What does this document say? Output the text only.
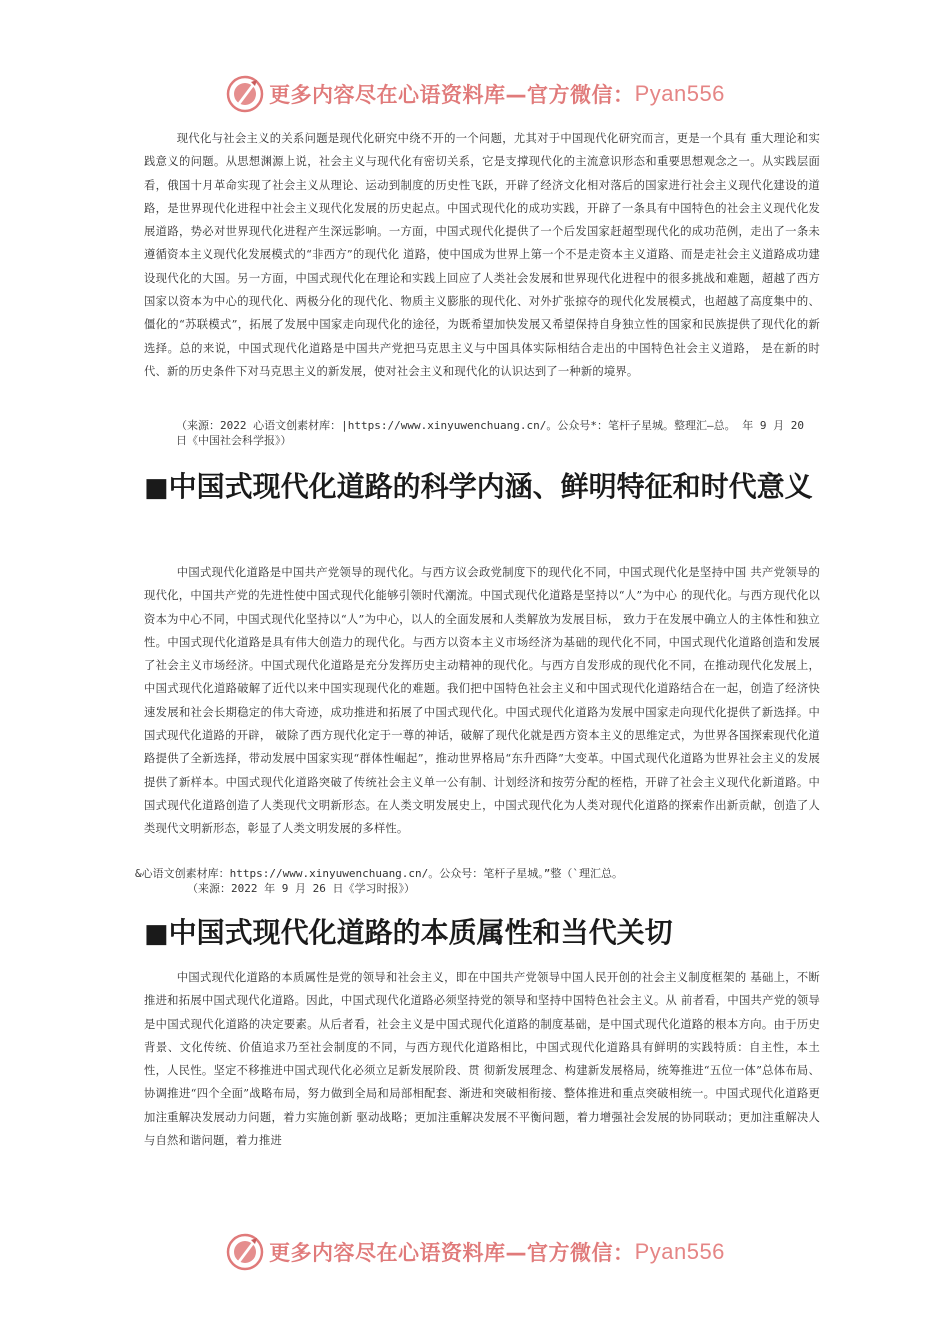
更多内容尽在心语资料库—官方微信： Pyan556

现代化与社会主义的关系问题是现代化研究中绕不开的一个问题，尤其对于中国现代化研究而言，更是一个具有 重大理论和实践意义的问题。从思想渊源上说，社会主义与现代化有密切关系，它是支撑现代化的主流意识形态和重要思想观念之一。从实践层面看，俄国十月革命实现了社会主义从理论、运动到制度的历史性飞跃，开辟了经济文化相对落后的国家进行社会主义现代化建设的道路，是世界现代化进程中社会主义现代化发展的历史起点。中国式现代化的成功实践，开辟了一条具有中国特色的社会主义现代化发展道路，势必对世界现代化进程产生深远影响。一方面，中国式现代化提供了一个后发国家赶超型现代化的成功范例，走出了一条未遵循资本主义现代化发展模式的“非西方”的现代化 道路，使中国成为世界上第一个不是走资本主义道路、而是走社会主义道路成功建设现代化的大国。另一方面，中国式现代化在理论和实践上回应了人类社会发展和世界现代化进程中的很多挑战和难题，超越了西方国家以资本为中心的现代化、两极分化的现代化、物质主义膨胀的现代化、对外扩张掠夺的现代化发展模式，也超越了高度集中的、僵化的“苏联模式”，拓展了发展中国家走向现代化的途径，为既希望加快发展又希望保持自身独立性的国家和民族提供了现代化的新选择。总的来说，中国式现代化道路是中国共产党把马克思主义与中国具体实际相结合走出的中国特色社会主义道路， 是在新的时代、新的历史条件下对马克思主义的新发展，使对社会主义和现代化的认识达到了一种新的境界。

（来源：2022 心语文创素材库：|https://www.xinyuwenchuang.cn/。公众号*：笔杆子星城。整理汇—总。 年 9 月 20 日《中国社会科学报》）

■中国式现代化道路的科学内涵、鲜明特征和时代意义

中国式现代化道路是中国共产党领导的现代化。与西方议会政党制度下的现代化不同，中国式现代化是坚持中国 共产党领导的现代化，中国共产党的先进性使中国式现代化能够引领时代潮流。中国式现代化道路是坚持以“人”为中心 的现代化。与西方现代化以资本为中心不同，中国式现代化坚持以“人”为中心，以人的全面发展和人类解放为发展目标， 致力于在发展中确立人的主体性和独立性。中国式现代化道路是具有伟大创造力的现代化。与西方以资本主义市场经济为基础的现代化不同，中国式现代化道路创造和发展了社会主义市场经济。中国式现代化道路是充分发挥历史主动精神的现代化。与西方自发形成的现代化不同，在推动现代化发展上，中国式现代化道路破解了近代以来中国实现现代化的难题。我们把中国特色社会主义和中国式现代化道路结合在一起，创造了经济快速发展和社会长期稳定的伟大奇迹，成功推进和拓展了中国式现代化。中国式现代化道路为发展中国家走向现代化提供了新选择。中国式现代化道路的开辟， 破除了西方现代化定于一尊的神话，破解了现代化就是西方资本主义的思维定式，为世界各国探索现代化道路提供了全新选择，带动发展中国家实现“群体性崛起”，推动世界格局“东升西降”大变革。中国式现代化道路为世界社会主义的发展提供了新样本。中国式现代化道路突破了传统社会主义单一公有制、计划经济和按劳分配的桎梏，开辟了社会主义现代化新道路。中国式现代化道路创造了人类现代文明新形态。在人类文明发展史上，中国式现代化为人类对现代化道路的探索作出新贡献，创造了人类现代文明新形态，彰显了人类文明发展的多样性。

&心语文创素材库：https://www.xinyuwenchuang.cn/。公众号：笔杆子星城。”整（`理汇总。

（来源：2022 年 9 月 26 日《学习时报》）

■中国式现代化道路的本质属性和当代关切

中国式现代化道路的本质属性是党的领导和社会主义，即在中国共产党领导中国人民开创的社会主义制度框架的 基础上，不断推进和拓展中国式现代化道路。因此，中国式现代化道路必须坚持党的领导和坚持中国特色社会主义。从 前者看，中国共产党的领导是中国式现代化道路的决定要素。从后者看，社会主义是中国式现代化道路的制度基础，是中国式现代化道路的根本方向。由于历史背景、文化传统、价值追求乃至社会制度的不同，与西方现代化道路相比，中国式现代化道路具有鲜明的实践特质：自主性，本土性，人民性。坚定不移推进中国式现代化必须立足新发展阶段、贯 彻新发展理念、构建新发展格局，统筹推进“五位一体”总体布局、协调推进“四个全面”战略布局，努力做到全局和局部相配套、渐进和突破相衔接、整体推进和重点突破相统一。中国式现代化道路更加注重解决发展动力问题，着力实施创新 驱动战略；更加注重解决发展不平衡问题，着力增强社会发展的协同联动；更加注重解决人与自然和谐问题，着力推进

更多内容尽在心语资料库—官方微信： Pyan556
